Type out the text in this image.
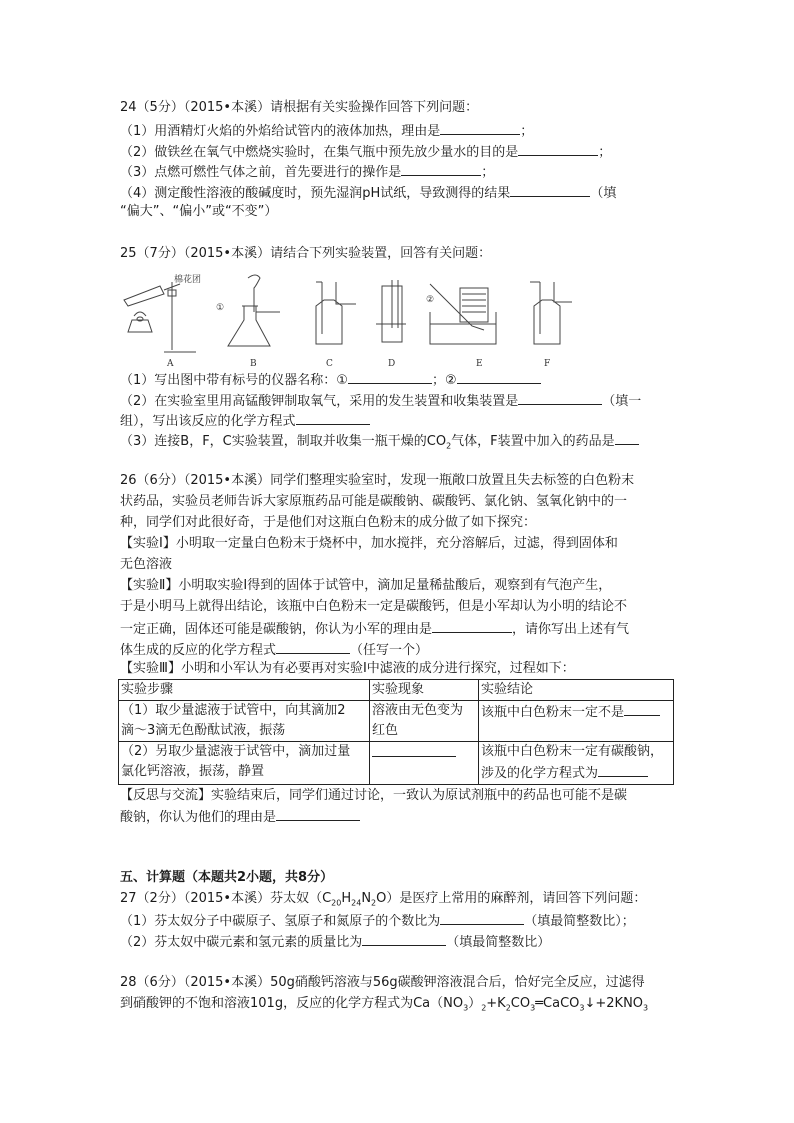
24（5分）（2015•本溪）请根据有关实验操作回答下列问题：
（1）用酒精灯火焰的外焰给试管内的液体加热，理由是	；
（2）做铁丝在氧气中燃烧实验时，在集气瓶中预先放少量水的目的是	；
（3）点燃可燃性气体之前，首先要进行的操作是	；
（4）测定酸性溶液的酸碱度时，预先湿润pH试纸，导致测得的结果	（填
“偏大”、“偏小”或“不变”）
25（7分）（2015•本溪）请结合下列实验装置，回答有关问题：
棉花团
①
②
A	B	C	D	E	F
（1）写出图中带有标号的仪器名称：①	；②
（2）在实验室里用高锰酸钾制取氧气，采用的发生装置和收集装置是	（填一
组），写出该反应的化学方程式
（3）连接B，F，C实验装置，制取并收集一瓶干燥的$CO_2$气体，F装置中加入的药品是
26（6分）（2015•本溪）同学们整理实验室时，发现一瓶敞口放置且失去标签的白色粉末
状药品，实验员老师告诉大家原瓶药品可能是碳酸钠、碳酸钙、氯化钠、氢氧化钠中的一
种，同学们对此很好奇，于是他们对这瓶白色粉末的成分做了如下探究：
【实验Ⅰ】小明取一定量白色粉末于烧杯中，加水搅拌，充分溶解后，过滤，得到固体和
无色溶液
【实验Ⅱ】小明取实验Ⅰ得到的固体于试管中，滴加足量稀盐酸后，观察到有气泡产生，
于是小明马上就得出结论，该瓶中白色粉末一定是碳酸钙，但是小军却认为小明的结论不
一定正确，固体还可能是碳酸钠，你认为小军的理由是	，请你写出上述有气
体生成的反应的化学方程式	（任写一个）
【实验Ⅲ】小明和小军认为有必要再对实验Ⅰ中滤液的成分进行探究，过程如下：
实验步骤	实验现象	实验结论

（1）取少量滤液于试管中，向其滴加2
滴～3滴无色酚酞试液，振荡	溶液由无色变为
红色	该瓶中白色粉末一定不是

（2）另取少量滤液于试管中，滴加过量
氯化钙溶液，振荡，静置		该瓶中白色粉末一定有碳酸钠，
涉及的化学方程式为
【反思与交流】实验结束后，同学们通过讨论，一致认为原试剂瓶中的药品也可能不是碳
酸钠，你认为他们的理由是
五、计算题（本题共2小题，共8分）
27（2分）（2015•本溪）芬太奴$(C_{20}H_{24}N_2O)$是医疗上常用的麻醉剂，请回答下列问题：
（1）芬太奴分子中碳原子、氢原子和氮原子的个数比为	（填最简整数比）；
（2）芬太奴中碳元素和氢元素的质量比为	（填最简整数比）
28（6分）（2015•本溪）50g硝酸钙溶液与56g碳酸钾溶液混合后，恰好完全反应，过滤得
到硝酸钾的不饱和溶液101g，反应的化学方程式为$Ca(NO_3)_2+K_2CO_3═CaCO_3↓+2KNO_3$
